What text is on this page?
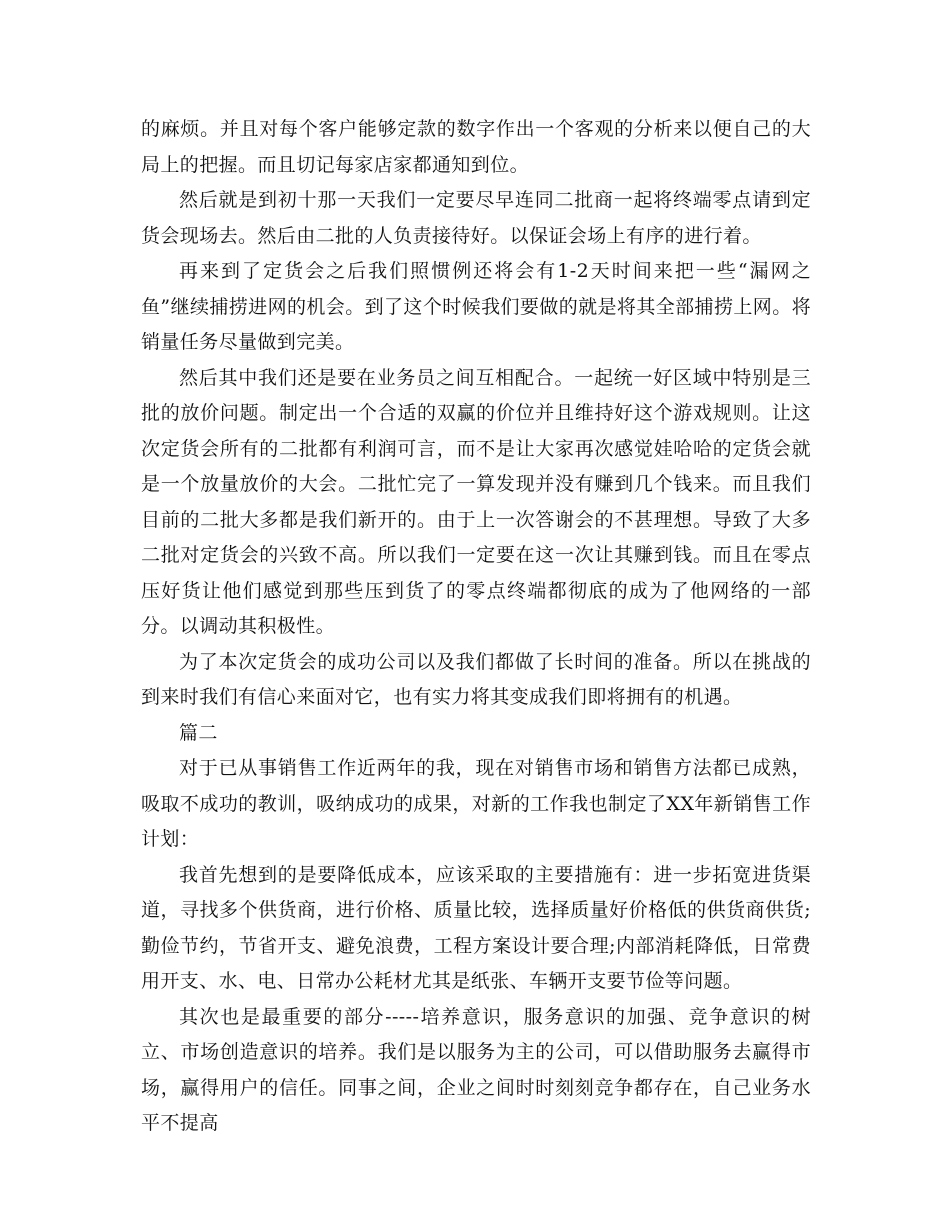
的麻烦。并且对每个客户能够定款的数字作出一个客观的分析来以便自己的大局上的把握。而且切记每家店家都通知到位。

然后就是到初十那一天我们一定要尽早连同二批商一起将终端零点请到定货会现场去。然后由二批的人负责接待好。以保证会场上有序的进行着。

再来到了定货会之后我们照惯例还将会有1-2天时间来把一些“漏网之鱼”继续捕捞进网的机会。到了这个时候我们要做的就是将其全部捕捞上网。将销量任务尽量做到完美。

然后其中我们还是要在业务员之间互相配合。一起统一好区域中特别是三批的放价问题。制定出一个合适的双赢的价位并且维持好这个游戏规则。让这次定货会所有的二批都有利润可言，而不是让大家再次感觉娃哈哈的定货会就是一个放量放价的大会。二批忙完了一算发现并没有赚到几个钱来。而且我们目前的二批大多都是我们新开的。由于上一次答谢会的不甚理想。导致了大多二批对定货会的兴致不高。所以我们一定要在这一次让其赚到钱。而且在零点压好货让他们感觉到那些压到货了的零点终端都彻底的成为了他网络的一部分。以调动其积极性。

为了本次定货会的成功公司以及我们都做了长时间的准备。所以在挑战的到来时我们有信心来面对它，也有实力将其变成我们即将拥有的机遇。

篇二

对于已从事销售工作近两年的我，现在对销售市场和销售方法都已成熟，吸取不成功的教训，吸纳成功的成果，对新的工作我也制定了XX年新销售工作计划：

我首先想到的是要降低成本，应该采取的主要措施有：进一步拓宽进货渠道，寻找多个供货商，进行价格、质量比较，选择质量好价格低的供货商供货;勤俭节约，节省开支、避免浪费，工程方案设计要合理;内部消耗降低，日常费用开支、水、电、日常办公耗材尤其是纸张、车辆开支要节俭等问题。

其次也是最重要的部分-----培养意识，服务意识的加强、竞争意识的树立、市场创造意识的培养。我们是以服务为主的公司，可以借助服务去赢得市场，赢得用户的信任。同事之间，企业之间时时刻刻竞争都存在，自己业务水平不提高
